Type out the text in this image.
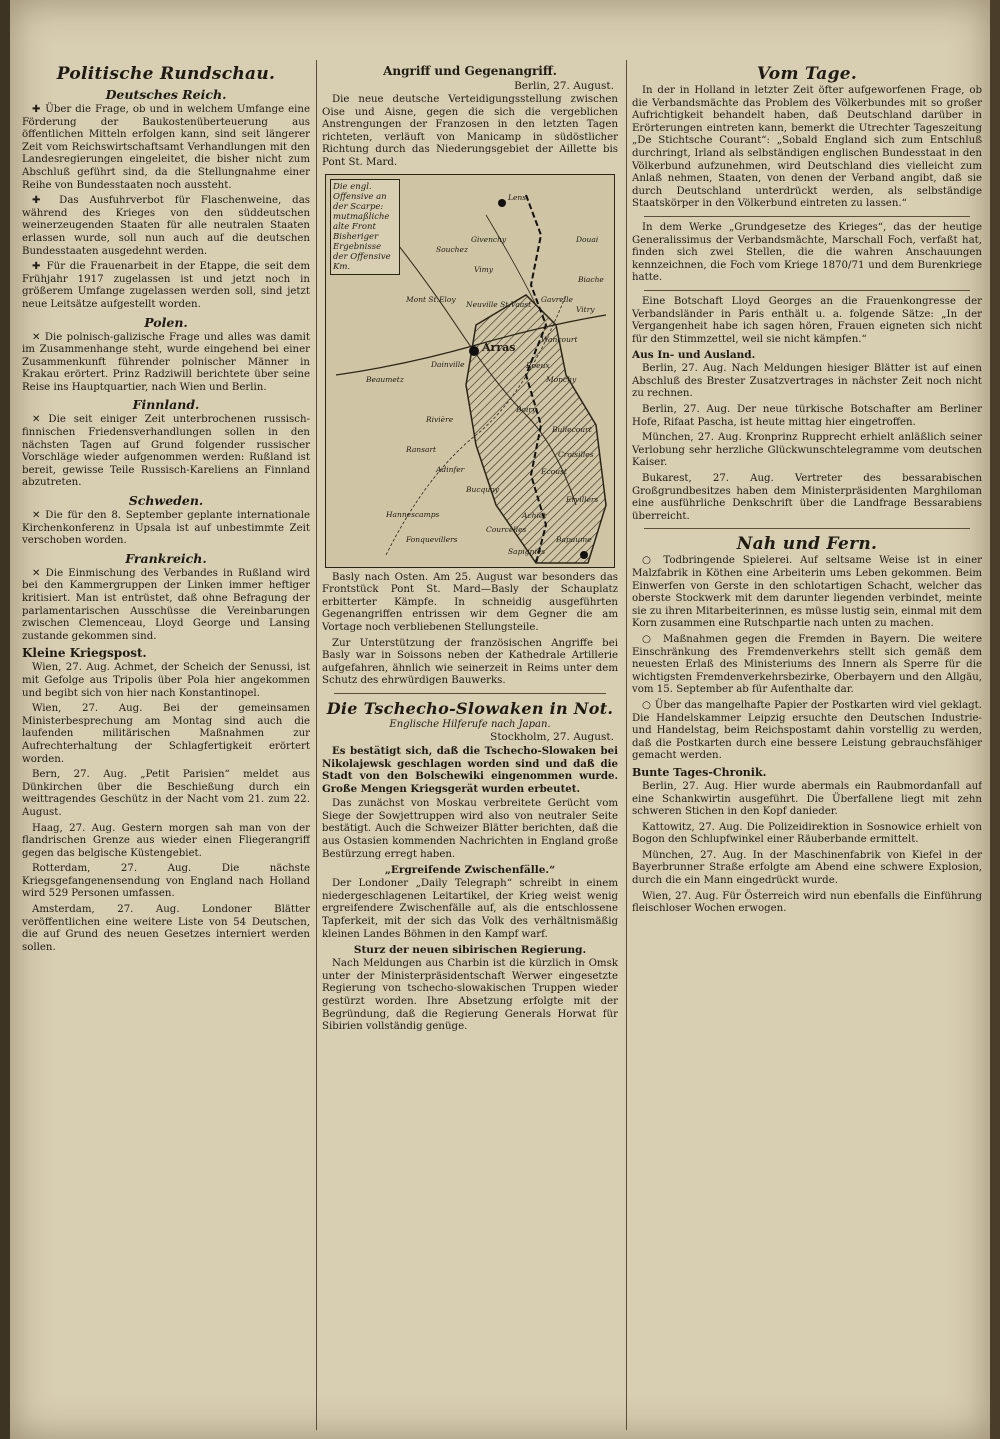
Politische Rundschau.
Deutsches Reich.

✚ Über die Frage, ob und in welchem Umfange eine Förderung der Baukostenüberteuerung aus öffentlichen Mitteln erfolgen kann, sind seit längerer Zeit vom Reichswirtschaftsamt Verhandlungen mit den Landesregierungen eingeleitet, die bisher nicht zum Abschluß geführt sind, da die Stellungnahme einer Reihe von Bundesstaaten noch aussteht.

✚ Das Ausfuhrverbot für Flaschenweine, das während des Krieges von den süddeutschen weinerzeugenden Staaten für alle neutralen Staaten erlassen wurde, soll nun auch auf die deutschen Bundesstaaten ausgedehnt werden.

✚ Für die Frauenarbeit in der Etappe, die seit dem Frühjahr 1917 zugelassen ist und jetzt noch in größerem Umfange zugelassen werden soll, sind jetzt neue Leitsätze aufgestellt worden.

Polen.

✕ Die polnisch-galizische Frage und alles was damit im Zusammenhange steht, wurde eingehend bei einer Zusammenkunft führender polnischer Männer in Krakau erörtert. Prinz Radziwill berichtete über seine Reise ins Hauptquartier, nach Wien und Berlin.

Finnland.

✕ Die seit einiger Zeit unterbrochenen russisch-finnischen Friedensverhandlungen sollen in den nächsten Tagen auf Grund folgender russischer Vorschläge wieder aufgenommen werden: Rußland ist bereit, gewisse Teile Russisch-Kareliens an Finnland abzutreten.

Schweden.

✕ Die für den 8. September geplante internationale Kirchenkonferenz in Upsala ist auf unbestimmte Zeit verschoben worden.

Frankreich.

✕ Die Einmischung des Verbandes in Rußland wird bei den Kammergruppen der Linken immer heftiger kritisiert. Man ist entrüstet, daß ohne Befragung der parlamentarischen Ausschüsse die Vereinbarungen zwischen Clemenceau, Lloyd George und Lansing zustande gekommen sind.

Kleine Kriegspost.

Wien, 27. Aug. Achmet, der Scheich der Senussi, ist mit Gefolge aus Tripolis über Pola hier angekommen und begibt sich von hier nach Konstantinopel.

Wien, 27. Aug. Bei der gemeinsamen Ministerbesprechung am Montag sind auch die laufenden militärischen Maßnahmen zur Aufrechterhaltung der Schlagfertigkeit erörtert worden.

Bern, 27. Aug. „Petit Parisien“ meldet aus Dünkirchen über die Beschießung durch ein weittragendes Geschütz in der Nacht vom 21. zum 22. August.

Haag, 27. Aug. Gestern morgen sah man von der flandrischen Grenze aus wieder einen Fliegerangriff gegen das belgische Küstengebiet.

Rotterdam, 27. Aug. Die nächste Kriegsgefangenensendung von England nach Holland wird 529 Personen umfassen.

Amsterdam, 27. Aug. Londoner Blätter veröffentlichen eine weitere Liste von 54 Deutschen, die auf Grund des neuen Gesetzes interniert werden sollen.

Angriff und Gegenangriff.
Berlin, 27. August.

Die neue deutsche Verteidigungsstellung zwischen Oise und Aisne, gegen die sich die vergeblichen Anstrengungen der Franzosen in den letzten Tagen richteten, verläuft von Manicamp in südöstlicher Richtung durch das Niederungsgebiet der Aillette bis Pont St. Mard.

Die engl. Offensive an der Scarpe:
mutmaßliche alte Front
Bisheriger Ergebnisse der Offensive
Km.
Arras
Lens
Douai
Vimy
Souchez
Givenchy
Mont St.Eloy
Roeux
Monchy
Boiry
Croisilles
Bapaume
Achiet
Bucquoy
Ervillers
Neuville St.Vaast
Gavrelle
Dainville
Beaumetz
Rivière
Ransart
Adinfer
Hannescamps
Fonquevillers
Vitry
Biache
Wancourt
Bullecourt
Ecoust
Courcelles
Sapignies

Basly nach Osten. Am 25. August war besonders das Frontstück Pont St. Mard—Basly der Schauplatz erbitterter Kämpfe. In schneidig ausgeführten Gegenangriffen entrissen wir dem Gegner die am Vortage noch verbliebenen Stellungsteile.

Zur Unterstützung der französischen Angriffe bei Basly war in Soissons neben der Kathedrale Artillerie aufgefahren, ähnlich wie seinerzeit in Reims unter dem Schutz des ehrwürdigen Bauwerks.

Die Tschecho-Slowaken in Not.
Englische Hilferufe nach Japan.
Stockholm, 27. August.

Es bestätigt sich, daß die Tschecho-Slowaken bei Nikolajewsk geschlagen worden sind und daß die Stadt von den Bolschewiki eingenommen wurde. Große Mengen Kriegsgerät wurden erbeutet.

Das zunächst von Moskau verbreitete Gerücht vom Siege der Sowjettruppen wird also von neutraler Seite bestätigt. Auch die Schweizer Blätter berichten, daß die aus Ostasien kommenden Nachrichten in England große Bestürzung erregt haben.

„Ergreifende Zwischenfälle.“

Der Londoner „Daily Telegraph“ schreibt in einem niedergeschlagenen Leitartikel, der Krieg weist wenig ergreifendere Zwischenfälle auf, als die entschlossene Tapferkeit, mit der sich das Volk des verhältnismäßig kleinen Landes Böhmen in den Kampf warf.

Sturz der neuen sibirischen Regierung.

Nach Meldungen aus Charbin ist die kürzlich in Omsk unter der Ministerpräsidentschaft Werwer eingesetzte Regierung von tschecho-slowakischen Truppen wieder gestürzt worden. Ihre Absetzung erfolgte mit der Begründung, daß die Regierung Generals Horwat für Sibirien vollständig genüge.

Vom Tage.

In der in Holland in letzter Zeit öfter aufgeworfenen Frage, ob die Verbandsmächte das Problem des Völkerbundes mit so großer Aufrichtigkeit behandelt haben, daß Deutschland darüber in Erörterungen eintreten kann, bemerkt die Utrechter Tageszeitung „De Stichtsche Courant“: „Sobald England sich zum Entschluß durchringt, Irland als selbständigen englischen Bundesstaat in den Völkerbund aufzunehmen, wird Deutschland dies vielleicht zum Anlaß nehmen, Staaten, von denen der Verband angibt, daß sie durch Deutschland unterdrückt werden, als selbständige Staatskörper in den Völkerbund eintreten zu lassen.“

In dem Werke „Grundgesetze des Krieges“, das der heutige Generalissimus der Verbandsmächte, Marschall Foch, verfaßt hat, finden sich zwei Stellen, die die wahren Anschauungen kennzeichnen, die Foch vom Kriege 1870/71 und dem Burenkriege hatte.

Eine Botschaft Lloyd Georges an die Frauenkongresse der Verbandsländer in Paris enthält u. a. folgende Sätze: „In der Vergangenheit habe ich sagen hören, Frauen eigneten sich nicht für den Stimmzettel, weil sie nicht kämpfen.“

Aus In- und Ausland.

Berlin, 27. Aug. Nach Meldungen hiesiger Blätter ist auf einen Abschluß des Brester Zusatzvertrages in nächster Zeit noch nicht zu rechnen.

Berlin, 27. Aug. Der neue türkische Botschafter am Berliner Hofe, Rifaat Pascha, ist heute mittag hier eingetroffen.

München, 27. Aug. Kronprinz Rupprecht erhielt anläßlich seiner Verlobung sehr herzliche Glückwunschtelegramme vom deutschen Kaiser.

Bukarest, 27. Aug. Vertreter des bessarabischen Großgrundbesitzes haben dem Ministerpräsidenten Marghiloman eine ausführliche Denkschrift über die Landfrage Bessarabiens überreicht.

Nah und Fern.

○ Todbringende Spielerei. Auf seltsame Weise ist in einer Malzfabrik in Köthen eine Arbeiterin ums Leben gekommen. Beim Einwerfen von Gerste in den schlotartigen Schacht, welcher das oberste Stockwerk mit dem darunter liegenden verbindet, meinte sie zu ihren Mitarbeiterinnen, es müsse lustig sein, einmal mit dem Korn zusammen eine Rutschpartie nach unten zu machen.

○ Maßnahmen gegen die Fremden in Bayern. Die weitere Einschränkung des Fremdenverkehrs stellt sich gemäß dem neuesten Erlaß des Ministeriums des Innern als Sperre für die wichtigsten Fremdenverkehrsbezirke, Oberbayern und den Allgäu, vom 15. September ab für Aufenthalte dar.

○ Über das mangelhafte Papier der Postkarten wird viel geklagt. Die Handelskammer Leipzig ersuchte den Deutschen Industrie- und Handelstag, beim Reichspostamt dahin vorstellig zu werden, daß die Postkarten durch eine bessere Leistung gebrauchsfähiger gemacht werden.

Bunte Tages-Chronik.

Berlin, 27. Aug. Hier wurde abermals ein Raubmordanfall auf eine Schankwirtin ausgeführt. Die Überfallene liegt mit zehn schweren Stichen in den Kopf danieder.

Kattowitz, 27. Aug. Die Polizeidirektion in Sosnowice erhielt von Bogon den Schlupfwinkel einer Räuberbande ermittelt.

München, 27. Aug. In der Maschinenfabrik von Kiefel in der Bayerbrunner Straße erfolgte am Abend eine schwere Explosion, durch die ein Mann eingedrückt wurde.

Wien, 27. Aug. Für Österreich wird nun ebenfalls die Einführung fleischloser Wochen erwogen.
